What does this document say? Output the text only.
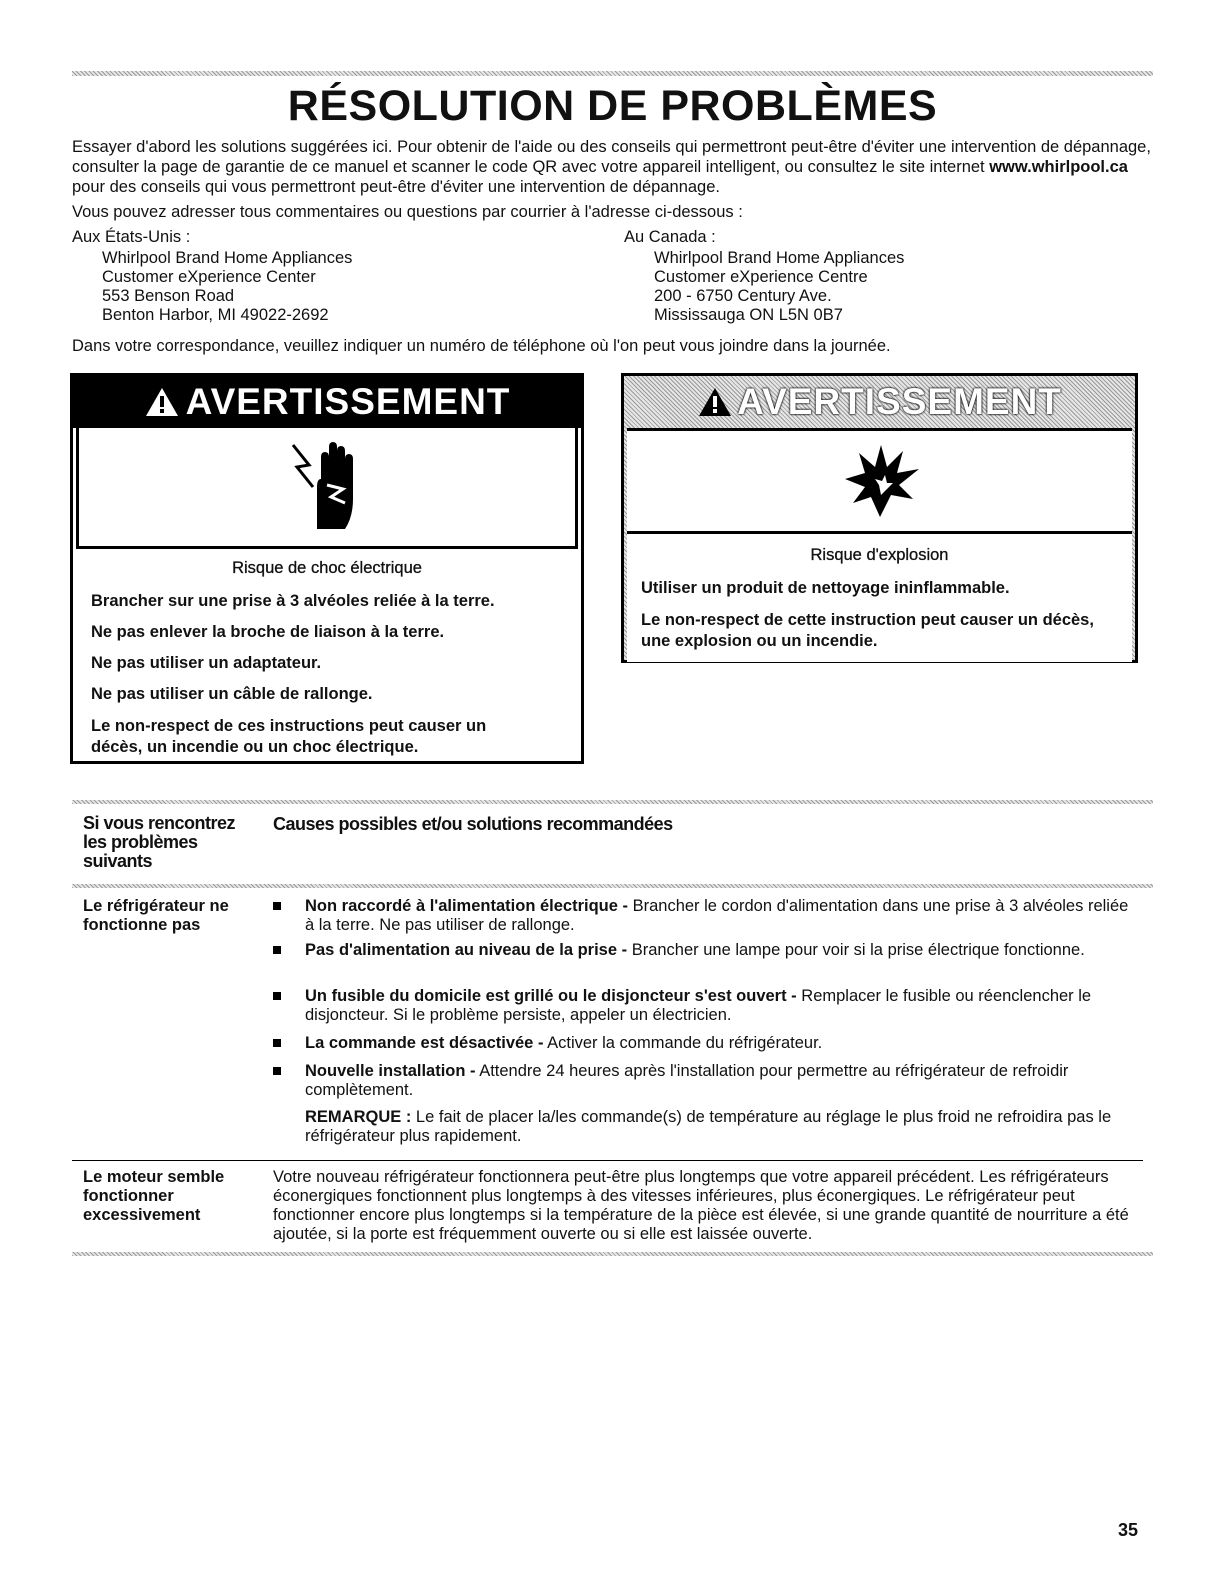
RÉSOLUTION DE PROBLÈMES

Essayer d'abord les solutions suggérées ici. Pour obtenir de l'aide ou des conseils qui permettront peut-être d'éviter une intervention de dépannage, consulter la page de garantie de ce manuel et scanner le code QR avec votre appareil intelligent, ou consultez le site internet www.whirlpool.ca pour des conseils qui vous permettront peut-être d'éviter une intervention de dépannage.

Vous pouvez adresser tous commentaires ou questions par courrier à l'adresse ci-dessous :

Aux États-Unis :
Whirlpool Brand Home Appliances
Customer eXperience Center
553 Benson Road
Benton Harbor, MI 49022-2692
Au Canada :
Whirlpool Brand Home Appliances
Customer eXperience Centre
200 - 6750 Century Ave.
Mississauga ON L5N 0B7

Dans votre correspondance, veuillez indiquer un numéro de téléphone où l'on peut vous joindre dans la journée.

AVERTISSEMENT

Risque de choc électrique

Brancher sur une prise à 3 alvéoles reliée à la terre.

Ne pas enlever la broche de liaison à la terre.

Ne pas utiliser un adaptateur.

Ne pas utiliser un câble de rallonge.

Le non-respect de ces instructions peut causer un décès, un incendie ou un choc électrique.

AVERTISSEMENT

Risque d'explosion

Utiliser un produit de nettoyage ininflammable.

Le non-respect de cette instruction peut causer un décès, une explosion ou un incendie.

Si vous rencontrez les problèmes suivants
Causes possibles et/ou solutions recommandées
Le réfrigérateur ne fonctionne pas
Non raccordé à l'alimentation électrique - Brancher le cordon d'alimentation dans une prise à 3 alvéoles reliée à la terre. Ne pas utiliser de rallonge.
Pas d'alimentation au niveau de la prise - Brancher une lampe pour voir si la prise électrique fonctionne.
Un fusible du domicile est grillé ou le disjoncteur s'est ouvert - Remplacer le fusible ou réenclencher le disjoncteur. Si le problème persiste, appeler un électricien.
La commande est désactivée - Activer la commande du réfrigérateur.
Nouvelle installation - Attendre 24 heures après l'installation pour permettre au réfrigérateur de refroidir complètement.
REMARQUE : Le fait de placer la/les commande(s) de température au réglage le plus froid ne refroidira pas le réfrigérateur plus rapidement.
Le moteur semble fonctionner excessivement
Votre nouveau réfrigérateur fonctionnera peut-être plus longtemps que votre appareil précédent. Les réfrigérateurs éconergiques fonctionnent plus longtemps à des vitesses inférieures, plus éconergiques. Le réfrigérateur peut fonctionner encore plus longtemps si la température de la pièce est élevée, si une grande quantité de nourriture a été ajoutée, si la porte est fréquemment ouverte ou si elle est laissée ouverte.
35
